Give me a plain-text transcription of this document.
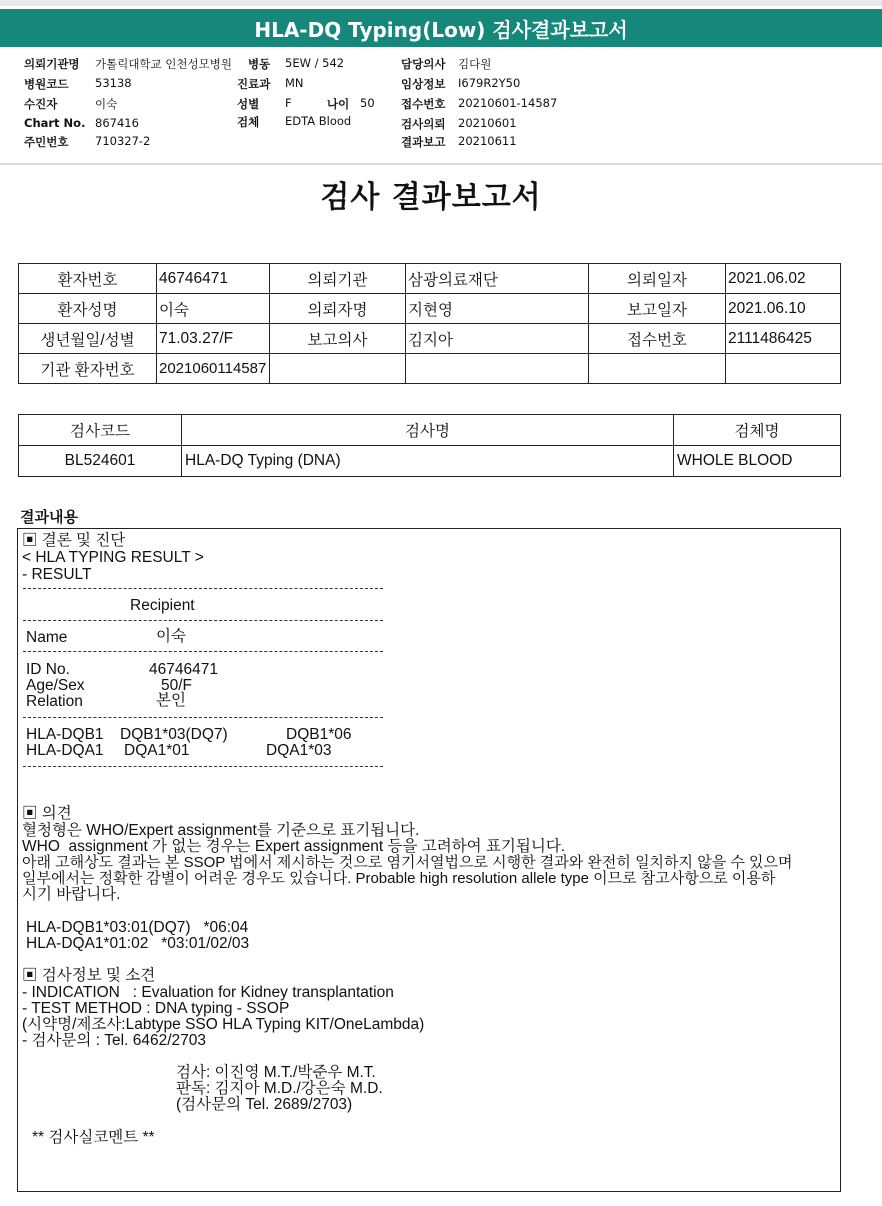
HLA-DQ Typing(Low) 검사결과보고서
의뢰기관명 가톨릭대학교 인천성모병원
병원코드 53138
수진자	이숙
Chart No. 867416
주민번호 710327-2
병동 5EW / 542
진료과 MN
성별 F	나이 50
검체 EDTA Blood
담당의사 김다원
임상정보 I679R2Y50
접수번호 20210601-14587
검사의뢰 20210601
결과보고 20210611
검사 결과보고서
환자번호	46746471	의뢰기관	삼광의료재단	의뢰일자	2021.06.02
환자성명	이숙	의뢰자명	지현영	보고일자	2021.06.10
생년월일/성별	71.03.27/F	보고의사	김지아	접수번호	2111486425
기관 환자번호	2021060114587				
검사코드	검사명	검체명
BL524601	HLA-DQ Typing (DNA)	WHOLE BLOOD
결과내용
▣ 결론 및 진단
< HLA TYPING RESULT >
- RESULT
Recipient
Name	이숙
ID No.	46746471
Age/Sex	50/F
Relation	본인
HLA-DQB1 DQB1*03(DQ7)	DQB1*06
HLA-DQA1 DQA1*01	DQA1*03
▣ 의견
혈청형은 WHO/Expert assignment를 기준으로 표기됩니다.
WHO  assignment 가 없는 경우는 Expert assignment 등을 고려하여 표기됩니다.
아래 고해상도 결과는 본 SSOP 법에서 제시하는 것으로 염기서열법으로 시행한 결과와 완전히 일치하지 않을 수 있으며
일부에서는 정확한 감별이 어려운 경우도 있습니다. Probable high resolution allele type 이므로 참고사항으로 이용하
시기 바랍니다.
HLA-DQB1*03:01(DQ7)   *06:04
HLA-DQA1*01:02   *03:01/02/03
▣ 검사정보 및 소견
- INDICATION   : Evaluation for Kidney transplantation
- TEST METHOD : DNA typing - SSOP
(시약명/제조사:Labtype SSO HLA Typing KIT/OneLambda)
- 검사문의 : Tel. 6462/2703
검사: 이진영 M.T./박준우 M.T.
판독: 김지아 M.D./강은숙 M.D.
(검사문의 Tel. 2689/2703)
** 검사실코멘트 **
